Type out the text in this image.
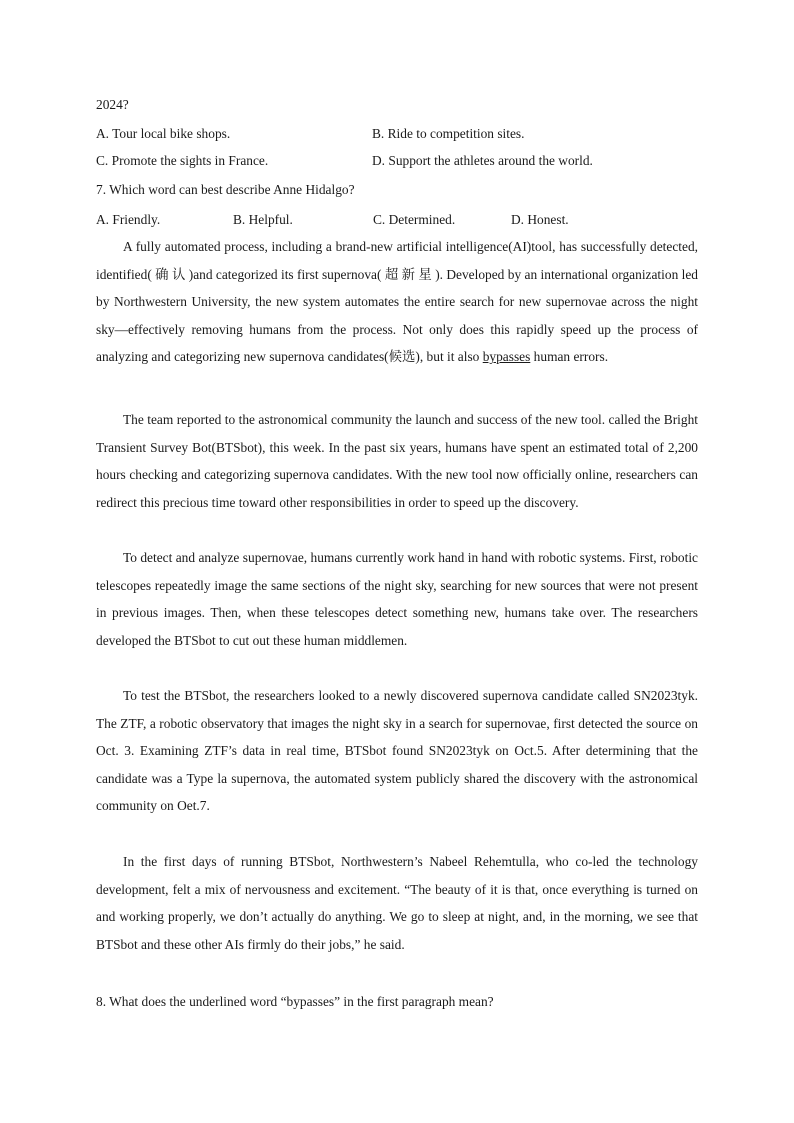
2024?
A. Tour local bike shops.	B. Ride to competition sites.
C. Promote the sights in France.	D. Support the athletes around the world.
7. Which word can best describe Anne Hidalgo?
A. Friendly.	B. Helpful.	C. Determined.	D. Honest.
A fully automated process, including a brand-new artificial intelligence(AI)tool, has successfully detected, identified( 确 认 )and categorized its first supernova( 超 新 星 ). Developed by an international organization led by Northwestern University, the new system automates the entire search for new supernovae across the night sky—effectively removing humans from the process. Not only does this rapidly speed up the process of analyzing and categorizing new supernova candidates(候选), but it also bypasses human errors.
The team reported to the astronomical community the launch and success of the new tool. called the Bright Transient Survey Bot(BTSbot), this week. In the past six years, humans have spent an estimated total of 2,200 hours checking and categorizing supernova candidates. With the new tool now officially online, researchers can redirect this precious time toward other responsibilities in order to speed up the discovery.
To detect and analyze supernovae, humans currently work hand in hand with robotic systems. First, robotic telescopes repeatedly image the same sections of the night sky, searching for new sources that were not present in previous images. Then, when these telescopes detect something new, humans take over. The researchers developed the BTSbot to cut out these human middlemen.
To test the BTSbot, the researchers looked to a newly discovered supernova candidate called SN2023tyk. The ZTF, a robotic observatory that images the night sky in a search for supernovae, first detected the source on Oct. 3. Examining ZTF’s data in real time, BTSbot found SN2023tyk on Oct.5. After determining that the candidate was a Type la supernova, the automated system publicly shared the discovery with the astronomical community on Oet.7.
In the first days of running BTSbot, Northwestern’s Nabeel Rehemtulla, who co-led the technology development, felt a mix of nervousness and excitement. “The beauty of it is that, once everything is turned on and working properly, we don’t actually do anything. We go to sleep at night, and, in the morning, we see that BTSbot and these other AIs firmly do their jobs,” he said.
8. What does the underlined word “bypasses” in the first paragraph mean?
